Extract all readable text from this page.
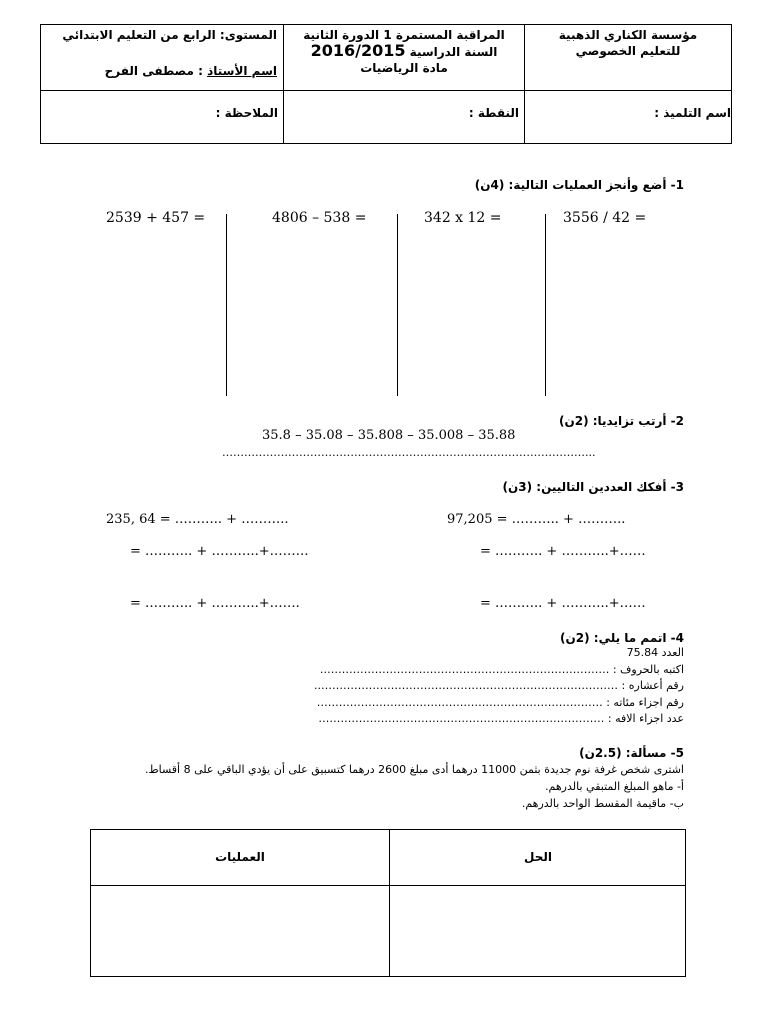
مؤسسة الكناري الذهبية
للتعليم الخصوصي
المراقبة المستمرة 1 الدورة الثانية
السنة الدراسية 2016/2015
مادة الرياضيات
المستوى: الرابع من التعليم الابتدائي
اسم الأستاذ : مصطفى الفرح
اسم التلميذ :
النقطة :
الملاحظة :
1- أضع وأنجز العمليات التالية: (4ن)
3556 / 42 =
342 x 12 =
4806 – 538 =
2539 + 457 =
2- أرتب تزايديا: (2ن)
35.8 – 35.08 – 35.808 – 35.008 – 35.88
………………………………………………………………………………………...
3- أفكك العددين التاليين: (3ن)
235, 64 = ……….. + ………..
= ……….. + ………..+………
= ……….. + ………..+…….
97,205 = ……….. + ………..
= ……….. + ………..+……
= ……….. + ………..+……
4- اتمم ما يلي: (2ن)
العدد 75.84
اكتبه بالحروف : …………………………………………………………………….
رقم أعشاره : ………………………………………………………………………..
رقم اجزاء مئاته : ……………………………………………………………………
عدد اجزاء الافه : ……………………………………………………………………
5- مسألة: (2.5ن)
اشترى شخص غرفة نوم جديدة بثمن 11000 درهما أدى مبلغ 2600 درهما كتسبيق على أن يؤدي الباقي على 8 أقساط.
أ- ماهو المبلغ المتبقي بالدرهم.
ب- ماقيمة المقسط الواحد بالدرهم.
الحل
العمليات
